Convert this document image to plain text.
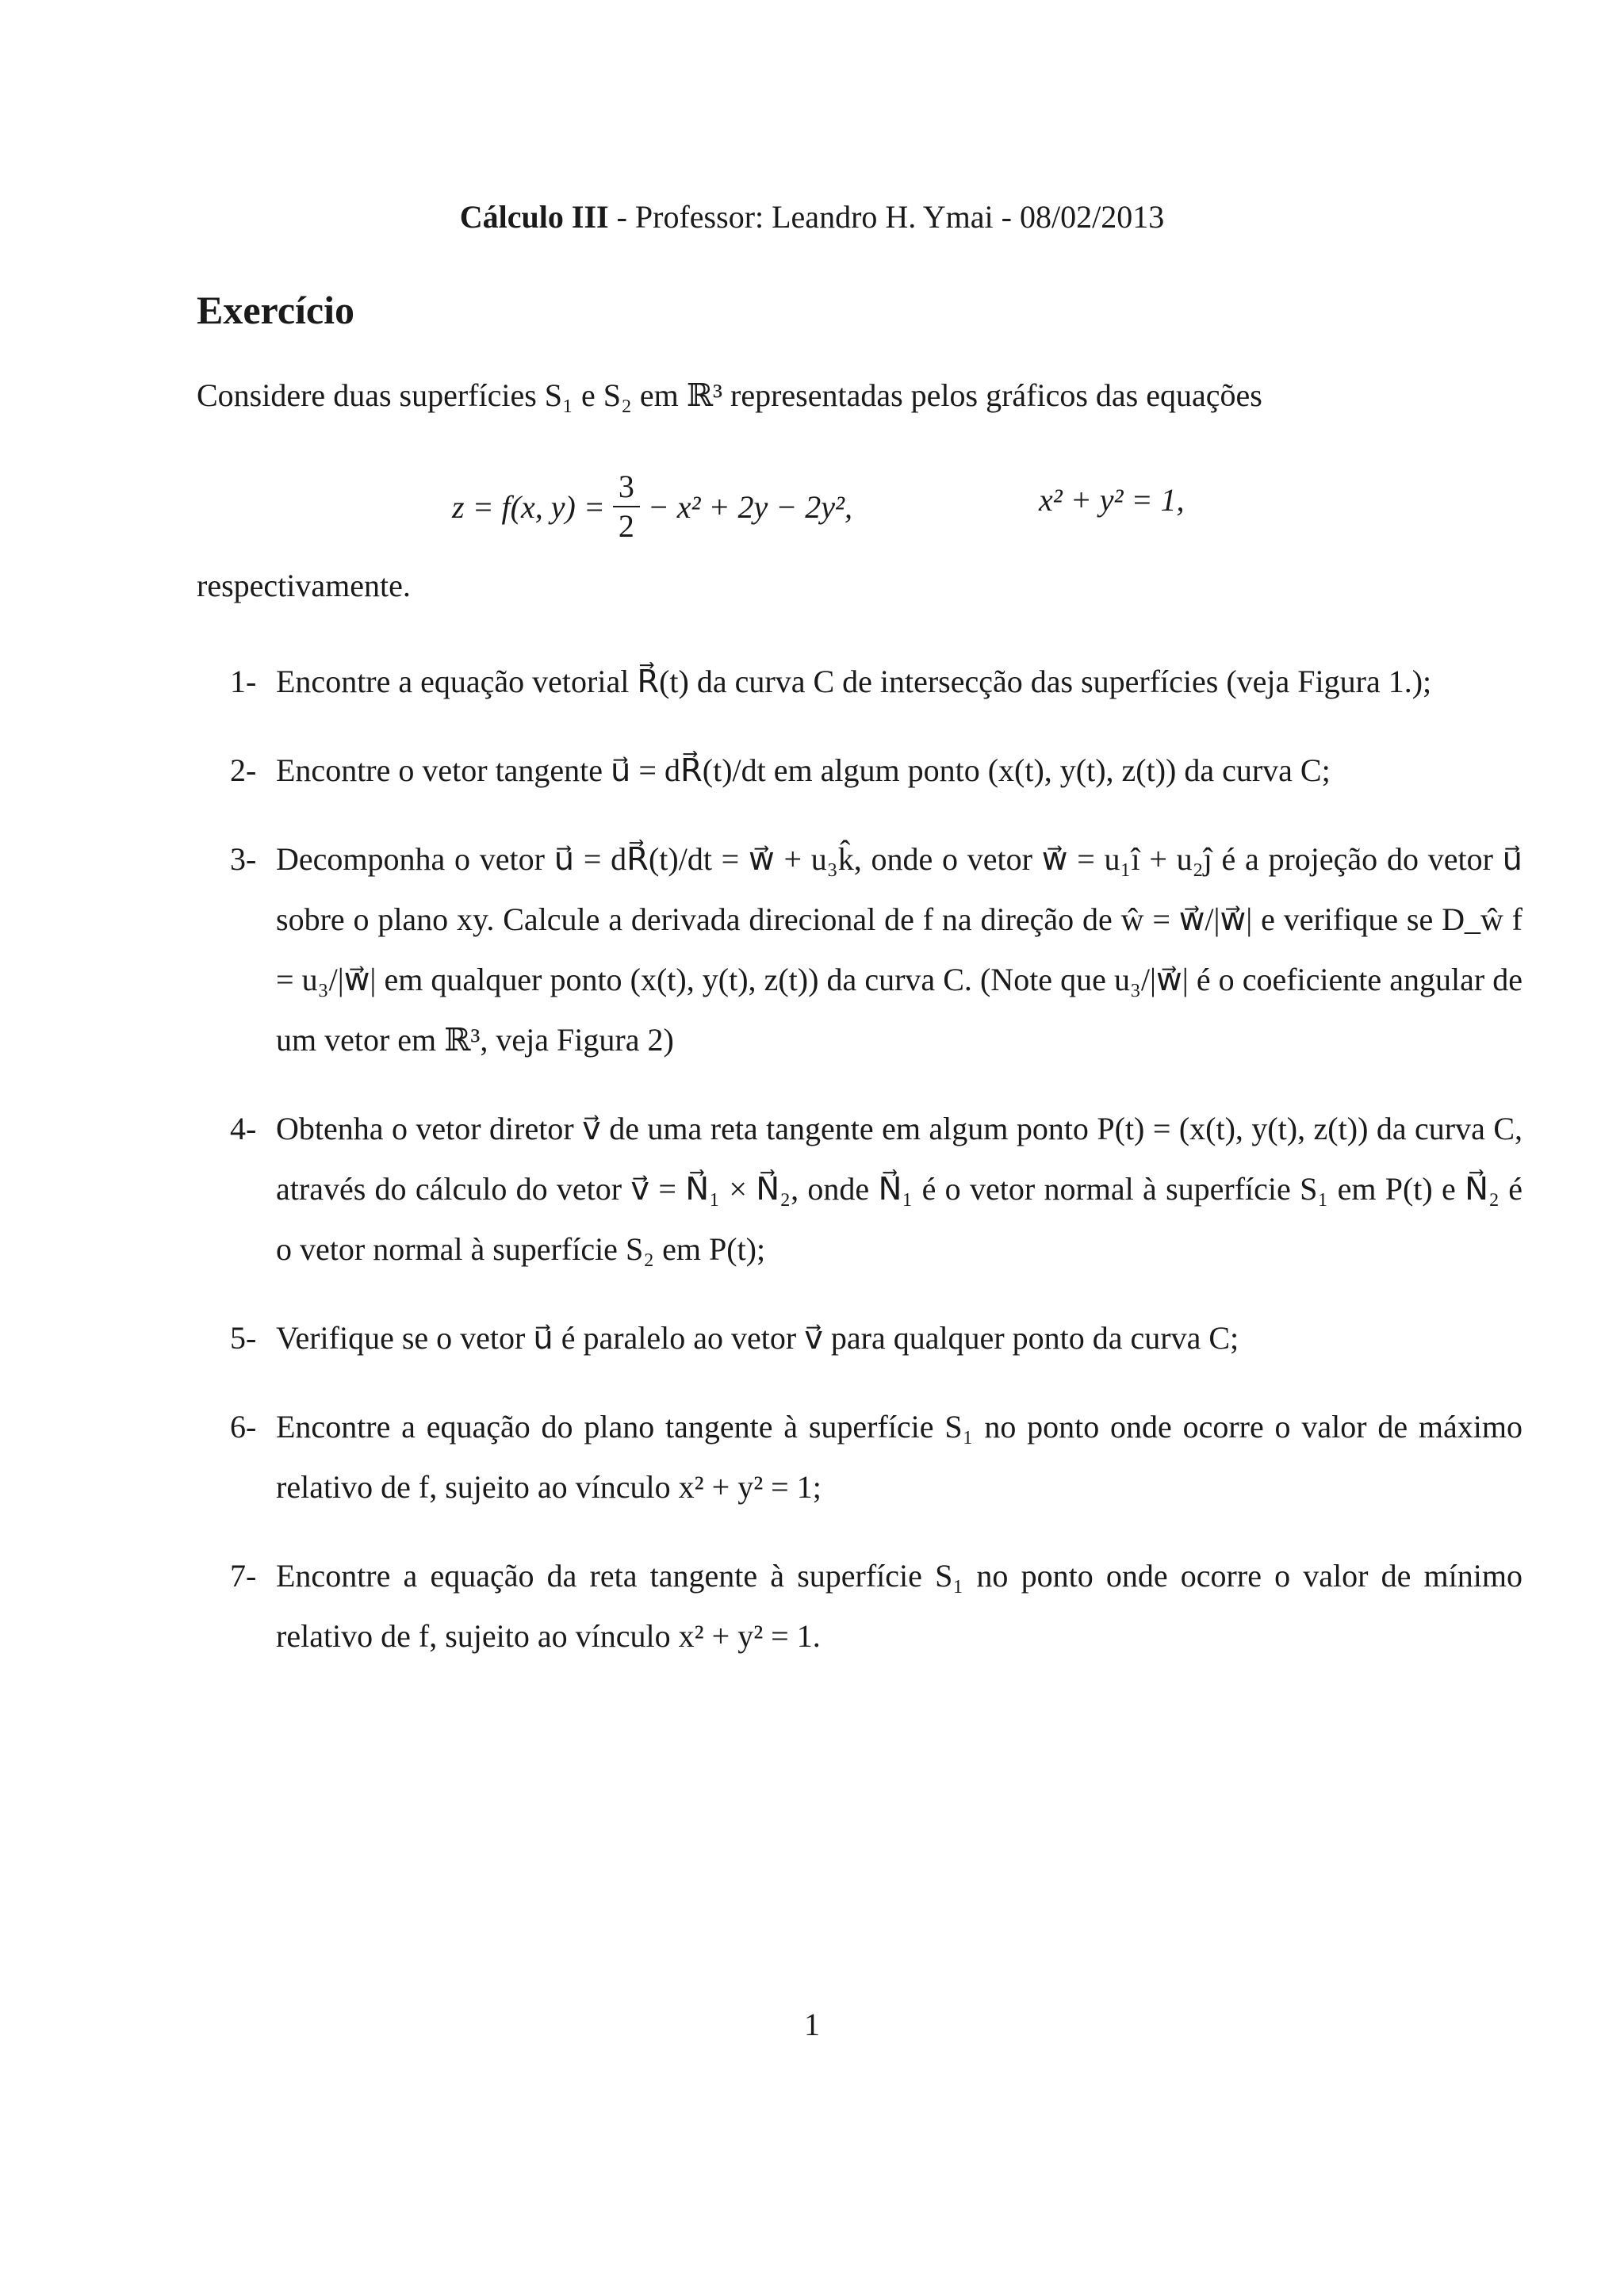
Cálculo III - Professor: Leandro H. Ymai - 08/02/2013
Exercício
Considere duas superfícies S₁ e S₂ em ℝ³ representadas pelos gráficos das equações
z = f(x, $y) = \frac{3}{2} - x^2 + 2y - 2y^2$,	x² + y² = 1,
respectivamente.
1- Encontre a equação vetorial R⃗(t) da curva C de intersecção das superfícies (veja Figura 1.);
2- Encontre o vetor tangente u⃗ = dR⃗(t)/dt em algum ponto (x(t), y(t), z(t)) da curva C;
3- Decomponha o vetor u⃗ = dR⃗(t)/dt = w⃗ + u₃k̂, onde o vetor w⃗ = u₁î + u₂ĵ é a projeção do vetor u⃗ sobre o plano xy. Calcule a derivada direcional de f na direção de ŵ = w⃗/|w⃗| e verifique se D_ŵ f = u₃/|w⃗| em qualquer ponto (x(t), y(t), z(t)) da curva C. (Note que u₃/|w⃗| é o coeficiente angular de um vetor em ℝ³, veja Figura 2)
4- Obtenha o vetor diretor v⃗ de uma reta tangente em algum ponto P(t) = (x(t), y(t), z(t)) da curva C, através do cálculo do vetor v⃗ = N⃗₁ × N⃗₂, onde N⃗₁ é o vetor normal à superfície S₁ em P(t) e N⃗₂ é o vetor normal à superfície S₂ em P(t);
5- Verifique se o vetor u⃗ é paralelo ao vetor v⃗ para qualquer ponto da curva C;
6- Encontre a equação do plano tangente à superfície S₁ no ponto onde ocorre o valor de máximo relativo de f, sujeito ao vínculo x² + y² = 1;
7- Encontre a equação da reta tangente à superfície S₁ no ponto onde ocorre o valor de mínimo relativo de f, sujeito ao vínculo x² + y² = 1.
1
